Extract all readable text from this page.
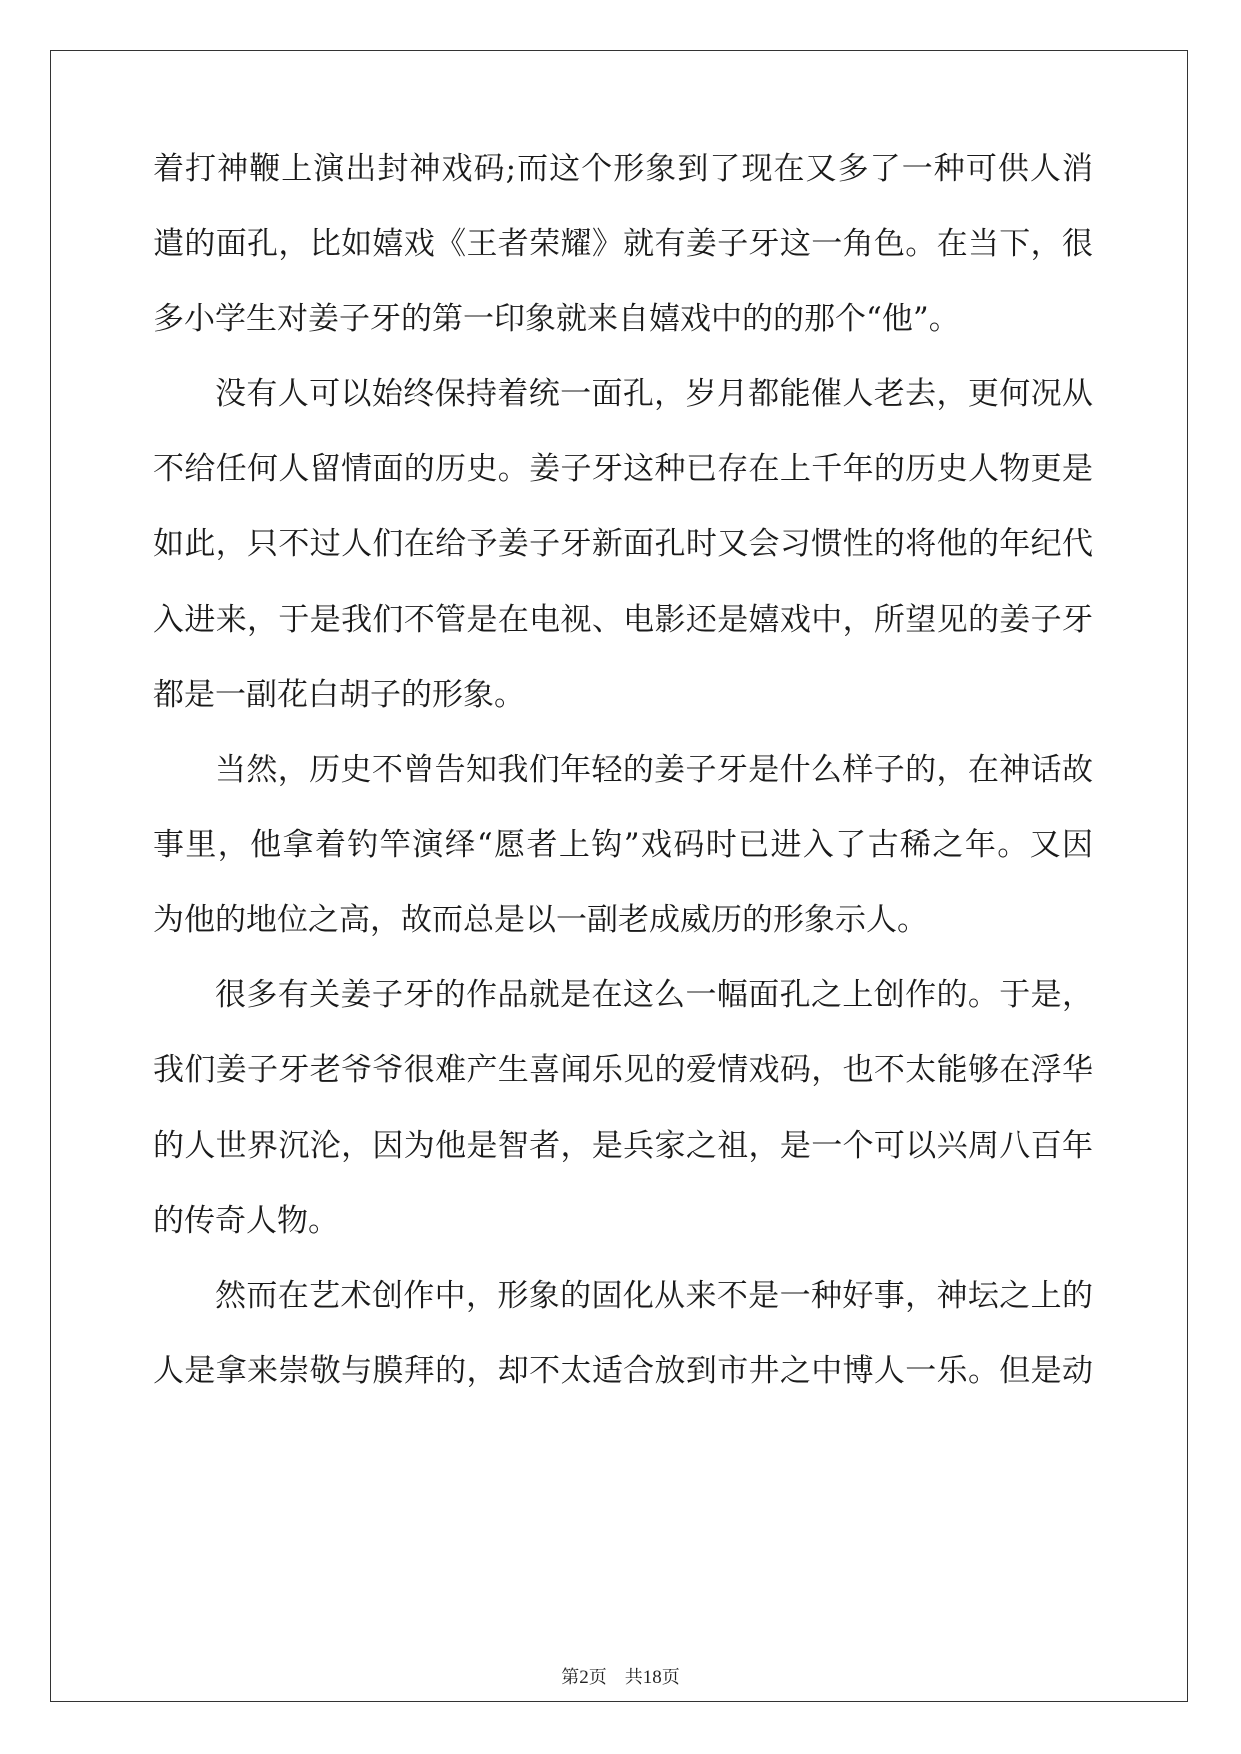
着打神鞭上演出封神戏码;而这个形象到了现在又多了一种可供人消
遣的面孔，比如嬉戏《王者荣耀》就有姜子牙这一角色。在当下，很
多小学生对姜子牙的第一印象就来自嬉戏中的的那个“他”。
没有人可以始终保持着统一面孔，岁月都能催人老去，更何况从
不给任何人留情面的历史。姜子牙这种已存在上千年的历史人物更是
如此，只不过人们在给予姜子牙新面孔时又会习惯性的将他的年纪代
入进来，于是我们不管是在电视、电影还是嬉戏中，所望见的姜子牙
都是一副花白胡子的形象。
当然，历史不曾告知我们年轻的姜子牙是什么样子的，在神话故
事里，他拿着钓竿演绎“愿者上钩”戏码时已进入了古稀之年。又因
为他的地位之高，故而总是以一副老成威历的形象示人。
很多有关姜子牙的作品就是在这么一幅面孔之上创作的。于是，
我们姜子牙老爷爷很难产生喜闻乐见的爱情戏码，也不太能够在浮华
的人世界沉沦，因为他是智者，是兵家之祖，是一个可以兴周八百年
的传奇人物。
然而在艺术创作中，形象的固化从来不是一种好事，神坛之上的
人是拿来崇敬与膜拜的，却不太适合放到市井之中博人一乐。但是动
第2页 共18页
